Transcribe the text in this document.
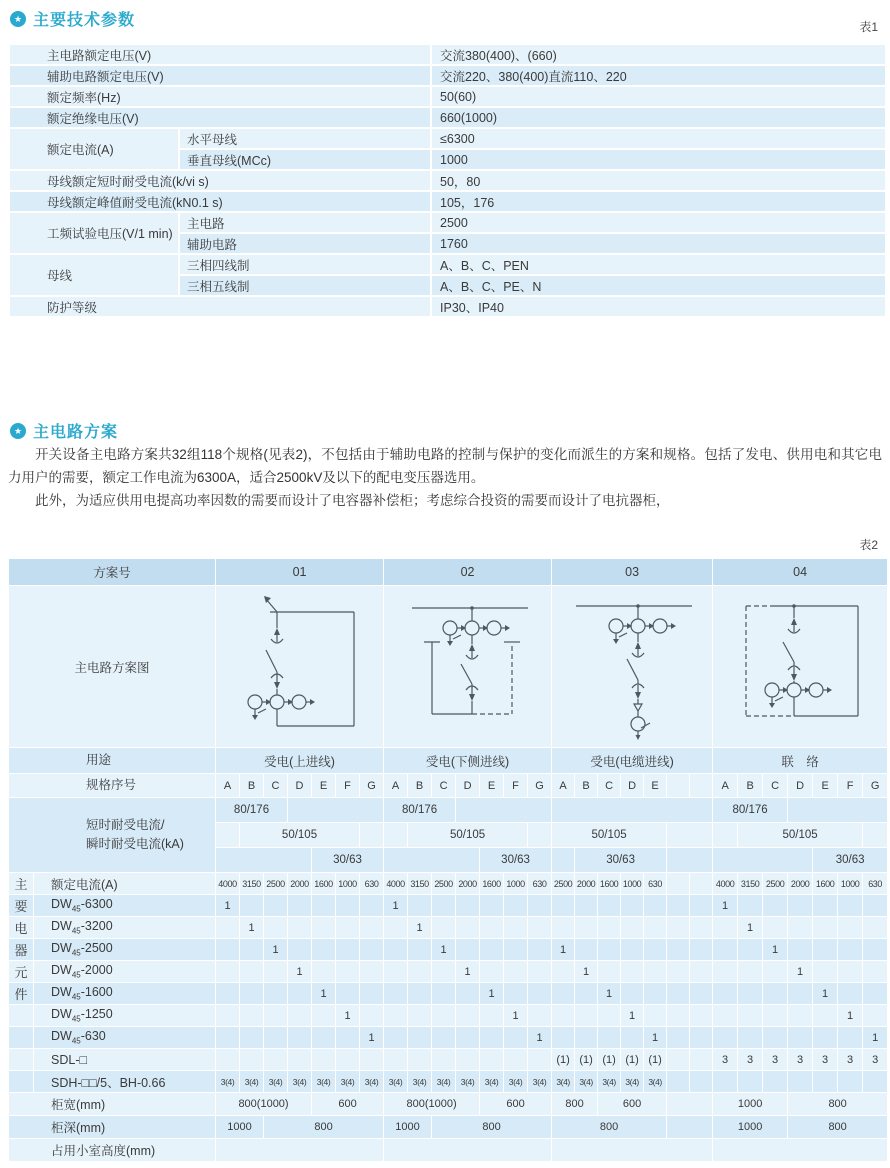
★ 主要技术参数	表1
主电路额定电压(V)		交流380(400)、(660)
辅助电路额定电压(V)		交流220、380(400)直流110、220
额定频率(Hz)		50(60)
额定绝缘电压(V)		660(1000)
额定电流(A)	水平母线	≤6300
	垂直母线(MCc)	1000
母线额定短时耐受电流(k/vi s)		50，80
母线额定峰值耐受电流(kN0.1 s)		105，176
工频试验电压(V/1 min)	主电路	2500
	辅助电路	1760
母线	三相四线制	A、B、C、PEN
	三相五线制	A、B、C、PE、N
防护等级		IP30、IP40
★ 主电路方案

开关设备主电路方案共32组118个规格(见表2)，不包括由于辅助电路的控制与保护的变化而派生的方案和规格。包括了发电、供用电和其它电力用户的需要，额定工作电流为6300A，适合2500kV及以下的配电变压器选用。

此外，为适应供用电提高功率因数的需要而设计了电容器补偿柜；考虑综合投资的需要而设计了电抗器柜，

表2
方案号		01							02							03							04						
主电路方案图	

用途		受电(上进线)							受电(下侧进线)							受电(电缆进线)							联　络						
规格序号		A	B	C	D	E	F	G	A	B	C	D	E	F	G	A	B	C	D	E			A	B	C	D	E	F	G

短时耐受电流/
瞬时耐受电流(kA)		80/176							80/176														80/176						
			50/105							50/105						50/105								50/105					
						30/63							30/63				30/63										30/63		
主	额定电流(A)	4000	3150	2500	2000	1600	1000	630	4000	3150	2500	2000	1600	1000	630	2500	2000	1600	1000	630			4000	3150	2500	2000	1600	1000	630
要	$DW_{45}-6300$	1							1														1						
电	$DW_{45}-3200$		1							1														1					
器	$DW_{45}-2500$			1							1					1									1				
元	$DW_{45}-2000$				1							1					1									1			
件	$DW_{45}-1600$					1							1					1									1		
	$DW_{45}-1250$						1							1					1									1	
	$DW_{45}-630$							1							1					1									1
	SDL-□															(1)	(1)	(1)	(1)	(1)			3	3	3	3	3	3	3
	SDH-□□/5、BH-0.66	3(4)	3(4)	3(4)	3(4)	3(4)	3(4)	3(4)	3(4)	3(4)	3(4)	3(4)	3(4)	3(4)	3(4)	3(4)	3(4)	3(4)	3(4)	3(4)									
柜宽(mm)		800(1000)				600			800(1000)				600			800		600					1000			800			
柜深(mm)		1000		800					1000		800					800							1000			800			
占用小室高度(mm)																													
